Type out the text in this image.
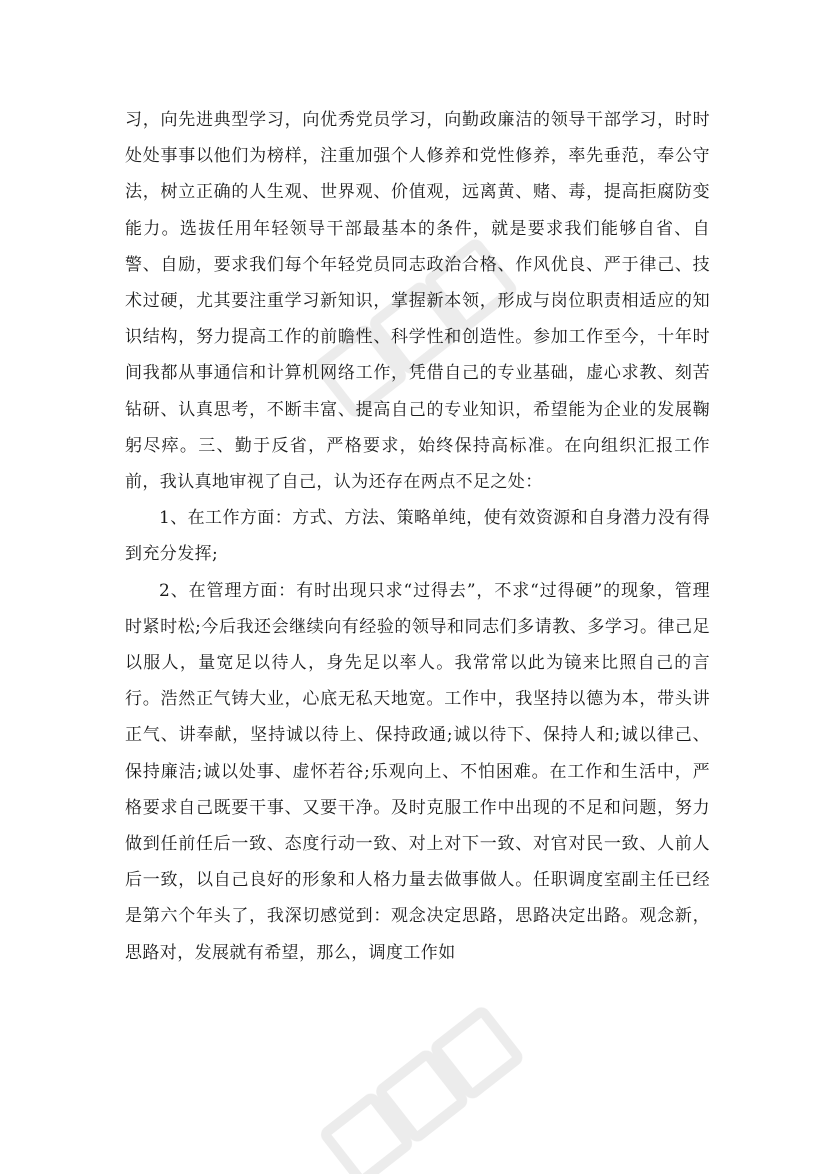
习，向先进典型学习，向优秀党员学习，向勤政廉洁的领导干部学习，时时处处事事以他们为榜样，注重加强个人修养和党性修养，率先垂范，奉公守法，树立正确的人生观、世界观、价值观，远离黄、赌、毒，提高拒腐防变能力。选拔任用年轻领导干部最基本的条件，就是要求我们能够自省、自警、自励，要求我们每个年轻党员同志政治合格、作风优良、严于律己、技术过硬，尤其要注重学习新知识，掌握新本领，形成与岗位职责相适应的知识结构，努力提高工作的前瞻性、科学性和创造性。参加工作至今，十年时间我都从事通信和计算机网络工作，凭借自己的专业基础，虚心求教、刻苦钻研、认真思考，不断丰富、提高自己的专业知识，希望能为企业的发展鞠躬尽瘁。三、勤于反省，严格要求，始终保持高标准。在向组织汇报工作前，我认真地审视了自己，认为还存在两点不足之处：

1、在工作方面：方式、方法、策略单纯，使有效资源和自身潜力没有得到充分发挥;

2、在管理方面：有时出现只求“过得去”，不求“过得硬”的现象，管理时紧时松;今后我还会继续向有经验的领导和同志们多请教、多学习。律己足以服人，量宽足以待人，身先足以率人。我常常以此为镜来比照自己的言行。浩然正气铸大业，心底无私天地宽。工作中，我坚持以德为本，带头讲正气、讲奉献，坚持诚以待上、保持政通;诚以待下、保持人和;诚以律己、保持廉洁;诚以处事、虚怀若谷;乐观向上、不怕困难。在工作和生活中，严格要求自己既要干事、又要干净。及时克服工作中出现的不足和问题，努力做到任前任后一致、态度行动一致、对上对下一致、对官对民一致、人前人后一致，以自己良好的形象和人格力量去做事做人。任职调度室副主任已经是第六个年头了，我深切感觉到：观念决定思路，思路决定出路。观念新，思路对，发展就有希望，那么，调度工作如
